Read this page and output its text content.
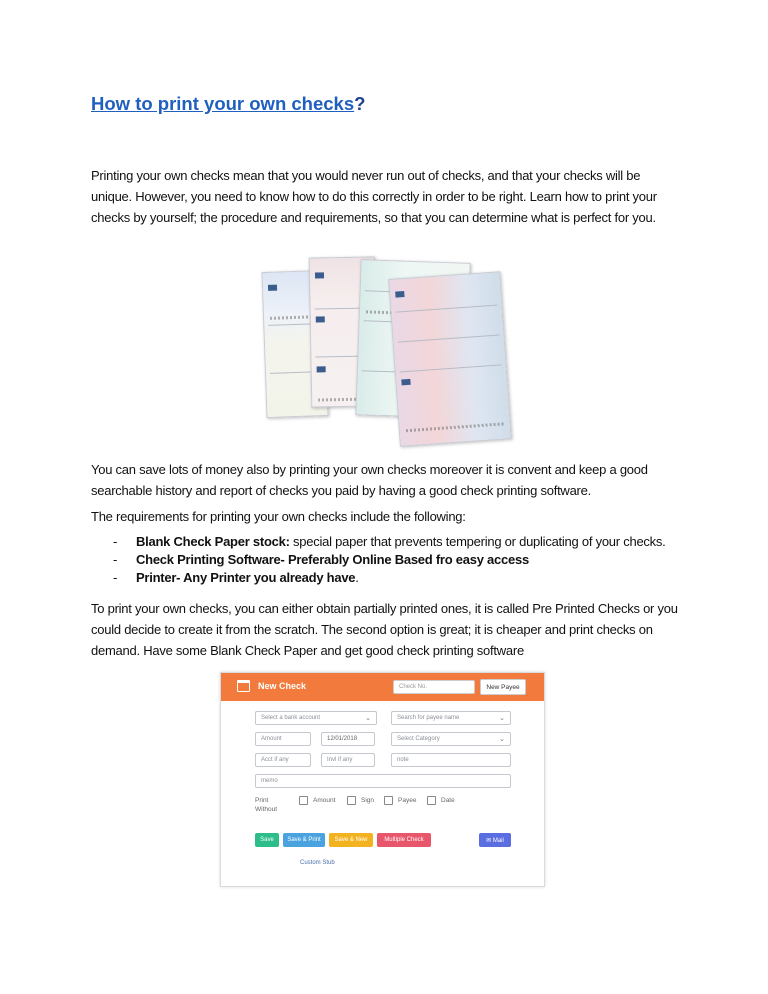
How to print your own checks?

Printing your own checks mean that you would never run out of checks, and that your checks will be unique. However, you need to know how to do this correctly in order to be right. Learn how to print your checks by yourself; the procedure and requirements, so that you can determine what is perfect for you.

You can save lots of money also by printing your own checks moreover it is convent and keep a good searchable history and report of checks you paid by having a good check printing software.

The requirements for printing your own checks include the following:

-	Blank Check Paper stock: special paper that prevents tempering or duplicating of your checks.
-	Check Printing Software- Preferably Online Based fro easy access
-	Printer- Any Printer you already have.

To print your own checks, you can either obtain partially printed ones, it is called Pre Printed Checks or you could decide to create it from the scratch. The second option is great; it is cheaper and print checks on demand. Have some Blank Check Paper and get good check printing software

New Check	Check No.	New Payee
Select a bank account	⌄	Search for payee name	⌄
Amount	12/01/2018	Select Category	⌄
Acct if any	Invl if any	note
memo
Print
Without
Amount	Sign	Payee	Date
Save	Save & Print	Save & New	Multiple Check	✉ Mail
Custom Stub
